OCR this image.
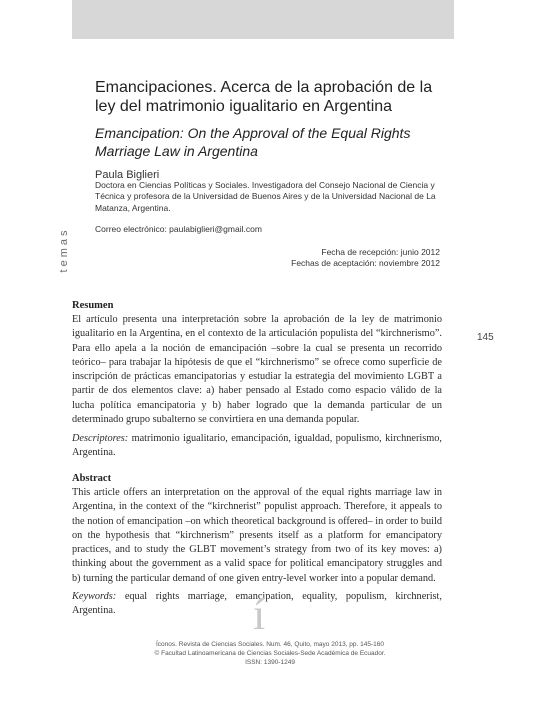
temas
145
Emancipaciones. Acerca de la aprobación de la ley del matrimonio igualitario en Argentina
Emancipation: On the Approval of the Equal Rights Marriage Law in Argentina
Paula Biglieri
Doctora en Ciencias Políticas y Sociales. Investigadora del Consejo Nacional de Ciencia y Técnica y profesora de la Universidad de Buenos Aires y de la Universidad Nacional de La Matanza, Argentina.
Correo electrónico: paulabiglieri@gmail.com
Fecha de recepción: junio 2012
Fechas de aceptación: noviembre 2012
Resumen
El artículo presenta una interpretación sobre la aprobación de la ley de matrimonio igualitario en la Argentina, en el contexto de la articulación populista del “kirchnerismo”. Para ello apela a la noción de emancipación –sobre la cual se presenta un recorrido teórico– para trabajar la hipótesis de que el “kirchnerismo” se ofrece como superficie de inscripción de prácticas emancipatorias y estudiar la estrategia del movimiento LGBT a partir de dos elementos clave: a) haber pensado al Estado como espacio válido de la lucha política emancipatoria y b) haber logrado que la demanda particular de un determinado grupo subalterno se convirtiera en una demanda popular.
Descriptores: matrimonio igualitario, emancipación, igualdad, populismo, kirchnerismo, Argentina.
Abstract
This article offers an interpretation on the approval of the equal rights marriage law in Argentina, in the context of the “kirchnerist” populist approach. Therefore, it appeals to the notion of emancipation –on which theoretical background is offered– in order to build on the hypothesis that “kirchnerism” presents itself as a platform for emancipatory practices, and to study the GLBT movement’s strategy from two of its key moves: a) thinking about the government as a valid space for political emancipatory struggles and b) turning the particular demand of one given entry-level worker into a popular demand.
Keywords: equal rights marriage, emancipation, equality, populism, kirchnerist, Argentina.	í
Íconos. Revista de Ciencias Sociales. Num. 46, Quito, mayo 2013, pp. 145-160
© Facultad Latinoamericana de Ciencias Sociales-Sede Académica de Ecuador.
ISSN: 1390-1249
